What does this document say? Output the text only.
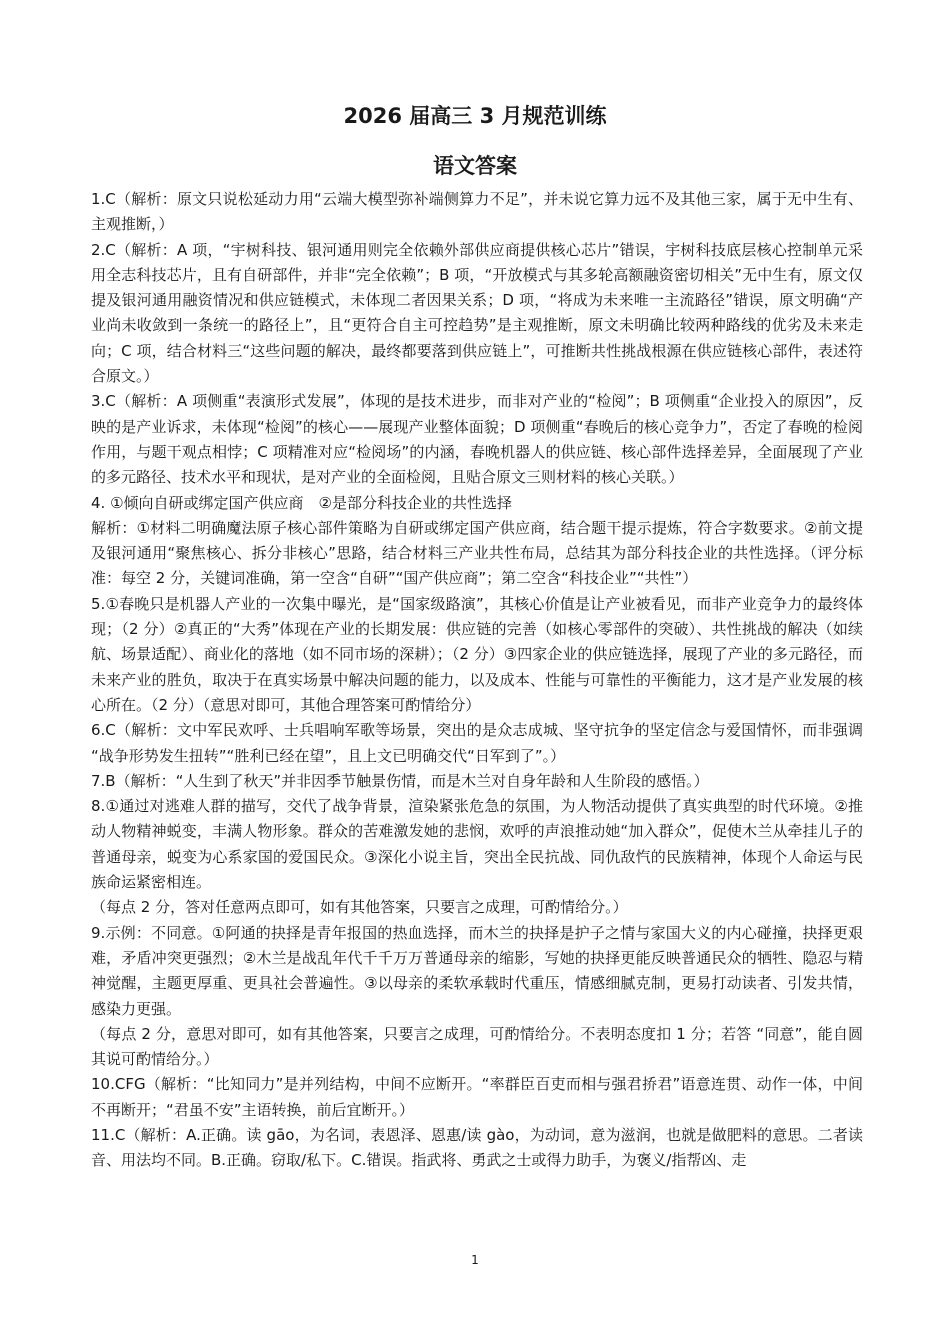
2026 届高三 3 月规范训练
语文答案

1.C（解析：原文只说松延动力用“云端大模型弥补端侧算力不足”，并未说它算力远不及其他三家，属于无中生有、主观推断，）

2.C（解析：A 项，“宇树科技、银河通用则完全依赖外部供应商提供核心芯片”错误，宇树科技底层核心控制单元采用全志科技芯片，且有自研部件，并非“完全依赖”；B 项，“开放模式与其多轮高额融资密切相关”无中生有，原文仅提及银河通用融资情况和供应链模式，未体现二者因果关系；D 项，“将成为未来唯一主流路径”错误，原文明确“产业尚未收敛到一条统一的路径上”，且“更符合自主可控趋势”是主观推断，原文未明确比较两种路线的优劣及未来走向；C 项，结合材料三“这些问题的解决，最终都要落到供应链上”，可推断共性挑战根源在供应链核心部件，表述符合原文。）

3.C（解析：A 项侧重“表演形式发展”，体现的是技术进步，而非对产业的“检阅”；B 项侧重“企业投入的原因”，反映的是产业诉求，未体现“检阅”的核心——展现产业整体面貌；D 项侧重“春晚后的核心竞争力”，否定了春晚的检阅作用，与题干观点相悖；C 项精准对应“检阅场”的内涵，春晚机器人的供应链、核心部件选择差异，全面展现了产业的多元路径、技术水平和现状，是对产业的全面检阅，且贴合原文三则材料的核心关联。）

4. ①倾向自研或绑定国产供应商　②是部分科技企业的共性选择

解析：①材料二明确魔法原子核心部件策略为自研或绑定国产供应商，结合题干提示提炼，符合字数要求。②前文提及银河通用“聚焦核心、拆分非核心”思路，结合材料三产业共性布局，总结其为部分科技企业的共性选择。（评分标准：每空 2 分，关键词准确，第一空含“自研”“国产供应商”；第二空含“科技企业”“共性”）

5.①春晚只是机器人产业的一次集中曝光，是“国家级路演”，其核心价值是让产业被看见，而非产业竞争力的最终体现；（2 分）②真正的“大秀”体现在产业的长期发展：供应链的完善（如核心零部件的突破）、共性挑战的解决（如续航、场景适配）、商业化的落地（如不同市场的深耕）；（2 分）③四家企业的供应链选择，展现了产业的多元路径，而未来产业的胜负，取决于在真实场景中解决问题的能力，以及成本、性能与可靠性的平衡能力，这才是产业发展的核心所在。（2 分）（意思对即可，其他合理答案可酌情给分）

6.C（解析：文中军民欢呼、士兵唱响军歌等场景，突出的是众志成城、坚守抗争的坚定信念与爱国情怀，而非强调 “战争形势发生扭转”“胜利已经在望”，且上文已明确交代“日军到了”。）

7.B（解析：“人生到了秋天”并非因季节触景伤情，而是木兰对自身年龄和人生阶段的感悟。）

8.①通过对逃难人群的描写，交代了战争背景，渲染紧张危急的氛围，为人物活动提供了真实典型的时代环境。②推动人物精神蜕变，丰满人物形象。群众的苦难激发她的悲悯，欢呼的声浪推动她“加入群众”，促使木兰从牵挂儿子的普通母亲，蜕变为心系家国的爱国民众。③深化小说主旨，突出全民抗战、同仇敌忾的民族精神，体现个人命运与民族命运紧密相连。

（每点 2 分，答对任意两点即可，如有其他答案，只要言之成理，可酌情给分。）

9.示例：不同意。①阿通的抉择是青年报国的热血选择，而木兰的抉择是护子之情与家国大义的内心碰撞，抉择更艰难，矛盾冲突更强烈；②木兰是战乱年代千千万万普通母亲的缩影，写她的抉择更能反映普通民众的牺牲、隐忍与精神觉醒，主题更厚重、更具社会普遍性。③以母亲的柔软承载时代重压，情感细腻克制，更易打动读者、引发共情，感染力更强。

（每点 2 分，意思对即可，如有其他答案，只要言之成理，可酌情给分。不表明态度扣 1 分；若答 “同意”，能自圆其说可酌情给分。）

10.CFG（解析：“比知同力”是并列结构，中间不应断开。“率群臣百吏而相与强君挢君”语意连贯、动作一体，中间不再断开；“君虽不安”主语转换，前后宜断开。）

11.C（解析：A.正确。读 gāo，为名词，表恩泽、恩惠/读 gào，为动词，意为滋润，也就是做肥料的意思。二者读音、用法均不同。B.正确。窃取/私下。C.错误。指武将、勇武之士或得力助手，为褒义/指帮凶、走

1
